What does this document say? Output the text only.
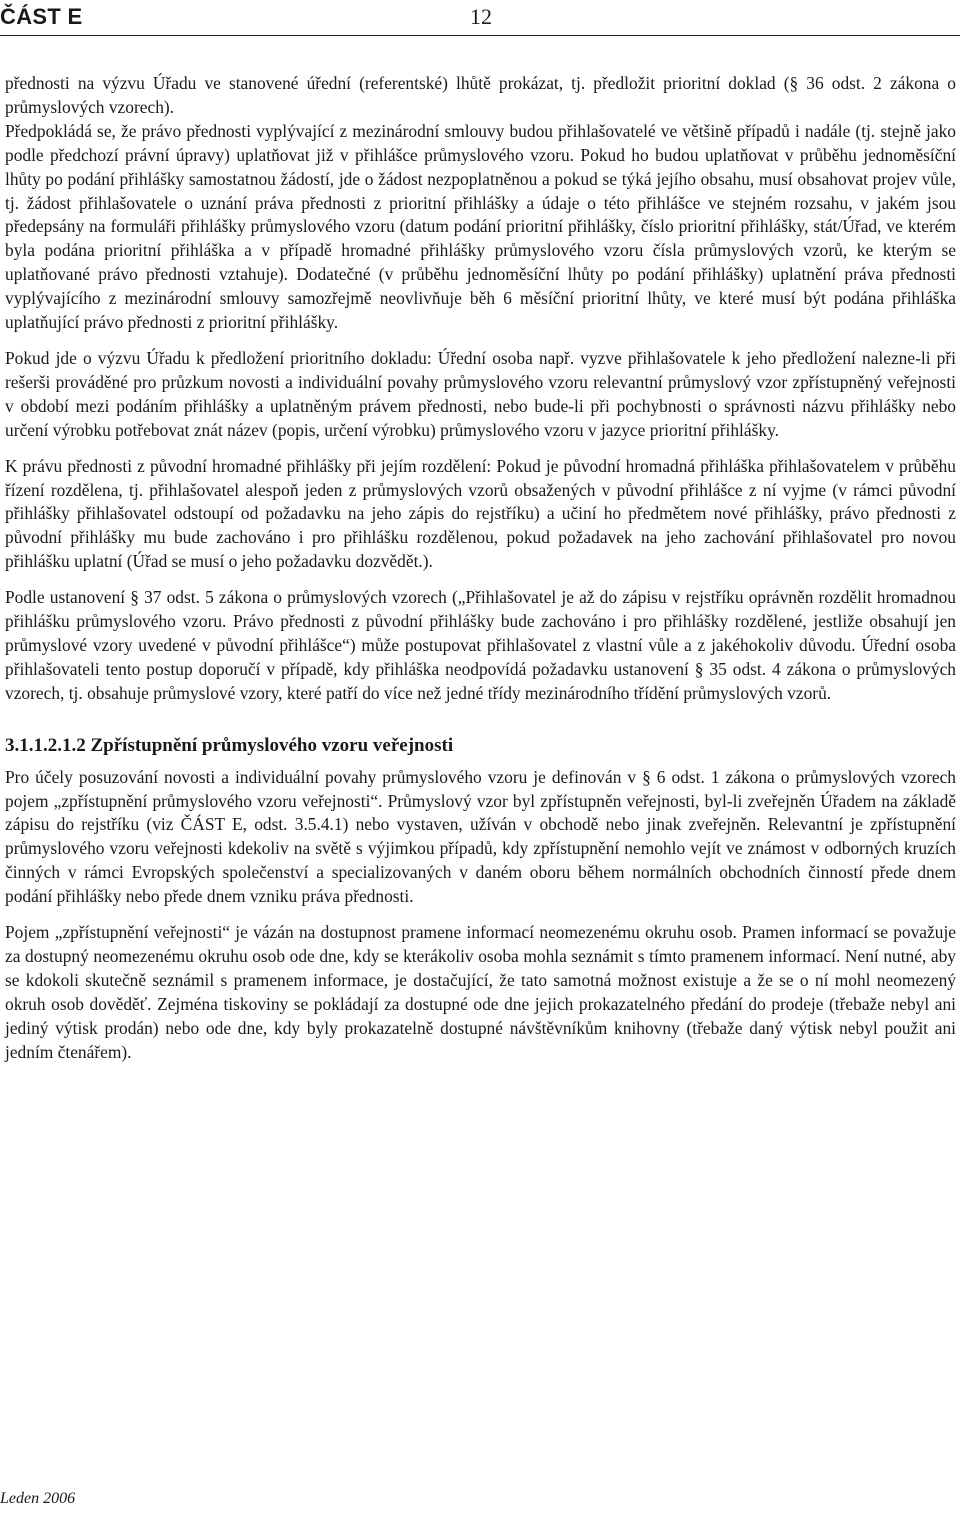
ČÁST E	12

přednosti na výzvu Úřadu ve stanovené úřední (referentské) lhůtě prokázat, tj. předložit prioritní doklad (§ 36 odst. 2 zákona o průmyslových vzorech).

Předpokládá se, že právo přednosti vyplývající z mezinárodní smlouvy budou přihlašovatelé ve většině případů i nadále (tj. stejně jako podle předchozí právní úpravy) uplatňovat již v přihlášce průmyslového vzoru. Pokud ho budou uplatňovat v průběhu jednoměsíční lhůty po podání přihlášky samostatnou žádostí, jde o žádost nezpoplatněnou a pokud se týká jejího obsahu, musí obsahovat projev vůle, tj. žádost přihlašovatele o uznání práva přednosti z prioritní přihlášky a údaje o této přihlášce ve stejném rozsahu, v jakém jsou předepsány na formuláři přihlášky průmyslového vzoru (datum podání prioritní přihlášky, číslo prioritní přihlášky, stát/Úřad, ve kterém byla podána prioritní přihláška a v případě hromadné přihlášky průmyslového vzoru čísla průmyslových vzorů, ke kterým se uplatňované právo přednosti vztahuje). Dodatečné (v průběhu jednoměsíční lhůty po podání přihlášky) uplatnění práva přednosti vyplývajícího z mezinárodní smlouvy samozřejmě neovlivňuje běh 6 měsíční prioritní lhůty, ve které musí být podána přihláška uplatňující právo přednosti z prioritní přihlášky.

Pokud jde o výzvu Úřadu k předložení prioritního dokladu: Úřední osoba např. vyzve přihlašovatele k jeho předložení nalezne-li při rešerši prováděné pro průzkum novosti a individuální povahy průmyslového vzoru relevantní průmyslový vzor zpřístupněný veřejnosti v období mezi podáním přihlášky a uplatněným právem přednosti, nebo bude-li při pochybnosti o správnosti názvu přihlášky nebo určení výrobku potřebovat znát název (popis, určení výrobku) průmyslového vzoru v jazyce prioritní přihlášky.

K právu přednosti z původní hromadné přihlášky při jejím rozdělení: Pokud je původní hromadná přihláška přihlašovatelem v průběhu řízení rozdělena, tj. přihlašovatel alespoň jeden z průmyslových vzorů obsažených v původní přihlášce z ní vyjme (v rámci původní přihlášky přihlašovatel odstoupí od požadavku na jeho zápis do rejstříku) a učiní ho předmětem nové přihlášky, právo přednosti z původní přihlášky mu bude zachováno i pro přihlášku rozdělenou, pokud požadavek na jeho zachování přihlašovatel pro novou přihlášku uplatní (Úřad se musí o jeho požadavku dozvědět.).

Podle ustanovení § 37 odst. 5 zákona o průmyslových vzorech („Přihlašovatel je až do zápisu v rejstříku oprávněn rozdělit hromadnou přihlášku průmyslového vzoru. Právo přednosti z původní přihlášky bude zachováno i pro přihlášky rozdělené, jestliže obsahují jen průmyslové vzory uvedené v původní přihlášce“) může postupovat přihlašovatel z vlastní vůle a z jakéhokoliv důvodu. Úřední osoba přihlašovateli tento postup doporučí v případě, kdy přihláška neodpovídá požadavku ustanovení § 35 odst. 4 zákona o průmyslových vzorech, tj. obsahuje průmyslové vzory, které patří do více než jedné třídy mezinárodního třídění průmyslových vzorů.

3.1.1.2.1.2 Zpřístupnění průmyslového vzoru veřejnosti

Pro účely posuzování novosti a individuální povahy průmyslového vzoru je definován v § 6 odst. 1 zákona o průmyslových vzorech pojem „zpřístupnění průmyslového vzoru veřejnosti“. Průmyslový vzor byl zpřístupněn veřejnosti, byl-li zveřejněn Úřadem na základě zápisu do rejstříku (viz ČÁST E, odst. 3.5.4.1) nebo vystaven, užíván v obchodě nebo jinak zveřejněn. Relevantní je zpřístupnění průmyslového vzoru veřejnosti kdekoliv na světě s výjimkou případů, kdy zpřístupnění nemohlo vejít ve známost v odborných kruzích činných v rámci Evropských společenství a specializovaných v daném oboru během normálních obchodních činností přede dnem podání přihlášky nebo přede dnem vzniku práva přednosti.

Pojem „zpřístupnění veřejnosti“ je vázán na dostupnost pramene informací neomezenému okruhu osob. Pramen informací se považuje za dostupný neomezenému okruhu osob ode dne, kdy se kterákoliv osoba mohla seznámit s tímto pramenem informací. Není nutné, aby se kdokoli skutečně seznámil s pramenem informace, je dostačující, že tato samotná možnost existuje a že se o ní mohl neomezený okruh osob dověděť. Zejména tiskoviny se pokládají za dostupné ode dne jejich prokazatelného předání do prodeje (třebaže nebyl ani jediný výtisk prodán) nebo ode dne, kdy byly prokazatelně dostupné návštěvníkům knihovny (třebaže daný výtisk nebyl použit ani jedním čtenářem).

Leden 2006
